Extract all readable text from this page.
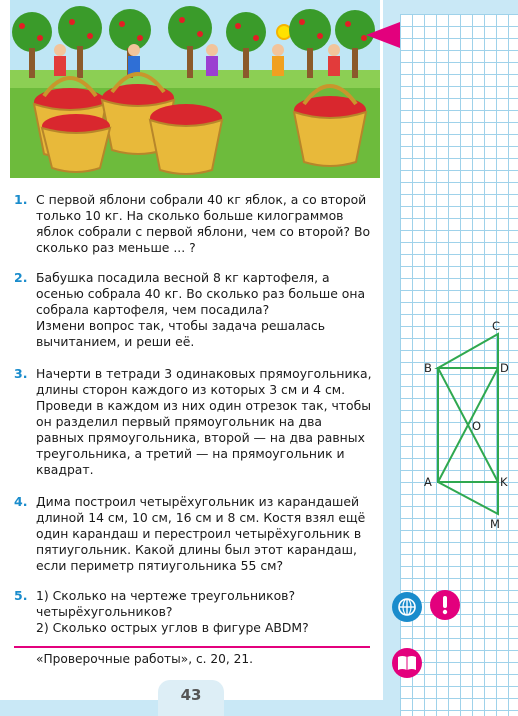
1. С первой яблони собрали 40 кг яблок, а со второй только 10 кг. На сколько больше килограммов яблок собрали с первой яблони, чем со второй? Во сколько раз меньше ... ?

2. Бабушка посадила весной 8 кг картофеля, а осенью собрала 40 кг. Во сколько раз больше она собрала картофеля, чем посадила?

Измени вопрос так, чтобы задача решалась вычитанием, и реши её.

3. Начерти в тетради 3 одинаковых прямоугольника, длины сторон каждого из которых 3 см и 4 см. Проведи в каждом из них один отрезок так, чтобы он разделил первый прямоугольник на два равных прямоугольника, второй — на два равных треугольника, а третий — на прямоугольник и квадрат.

4. Дима построил четырёхугольник из карандашей длиной 14 см, 10 см, 16 см и 8 см. Костя взял ещё один карандаш и перестроил четырёхугольник в пятиугольник. Какой длины был этот карандаш, если периметр пятиугольника 55 см?

5. 1) Сколько на чертеже треугольников? четырёхугольников?

2) Сколько острых углов в фигуре ABDM?

«Проверочные работы», с. 20, 21.
43
C
B	D
O
A	K
M
